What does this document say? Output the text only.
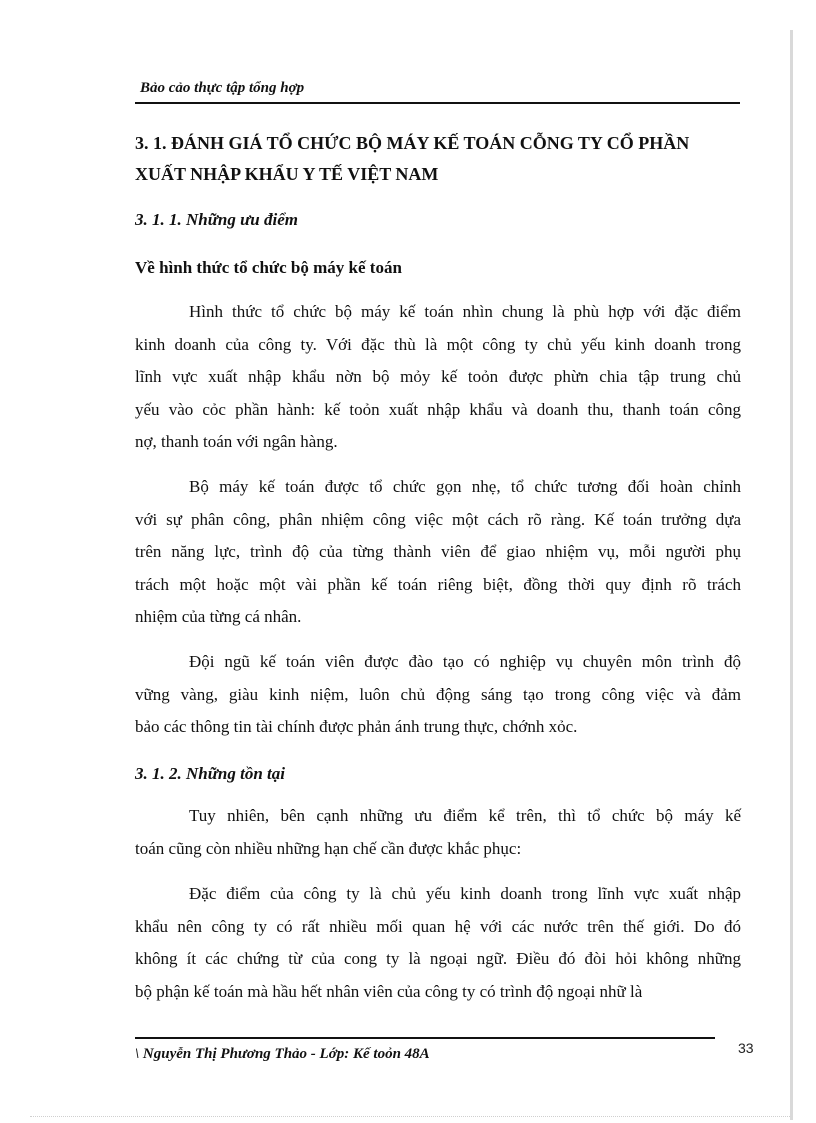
Bảo cảo thực tập tổng hợp
3. 1. ĐÁNH GIÁ TỔ CHỨC BỘ MÁY KẾ TOÁN CỖNG TY CỔ PHẦN
XUẤT NHẬP KHẨU Y TẾ VIỆT NAM
3. 1. 1. Những ưu điểm
Về hình thức tổ chức bộ máy kế toán
Hình thức tổ chức bộ máy kế toán nhìn chung là phù hợp với đặc điểm
kinh doanh của công ty. Với đặc thù là một công ty chủ yếu kinh doanh trong
lĩnh vực xuất nhập khẩu nờn bộ mỏy kế toỏn được phừn chia tập trung chủ
yếu vào cỏc phần hành: kế toỏn xuất nhập khẩu và doanh thu, thanh toán công
nợ, thanh toán với ngân hàng.
Bộ máy kế toán được tổ chức gọn nhẹ, tổ chức tương đối hoàn chỉnh
với sự phân công, phân nhiệm công việc một cách rõ ràng. Kế toán trưởng dựa
trên năng lực, trình độ của từng thành viên để giao nhiệm vụ, mỗi người phụ
trách một hoặc một vài phần kế toán riêng biệt, đồng thời quy định rõ trách
nhiệm của từng cá nhân.
Đội ngũ kế toán viên được đào tạo có nghiệp vụ chuyên môn trình độ
vững vàng, giàu kinh niệm, luôn chủ động sáng tạo trong công việc và đảm
bảo các thông tin tài chính được phản ánh trung thực, chớnh xỏc.
3. 1. 2. Những tồn tại
Tuy nhiên, bên cạnh những ưu điểm kể trên, thì tổ chức bộ máy kế
toán cũng còn nhiều những hạn chế cần được khắc phục:
Đặc điểm của công ty là chủ yếu kinh doanh trong lĩnh vực xuất nhập
khẩu nên công ty có rất nhiều mối quan hệ với các nước trên thế giới. Do đó
không ít các chứng từ của cong ty là ngoại ngữ. Điều đó đòi hỏi không những
bộ phận kế toán mà hầu hết nhân viên của công ty có trình độ ngoại nhữ là
\ Nguyễn Thị Phương Thảo - Lớp: Kế toỏn 48A	33
